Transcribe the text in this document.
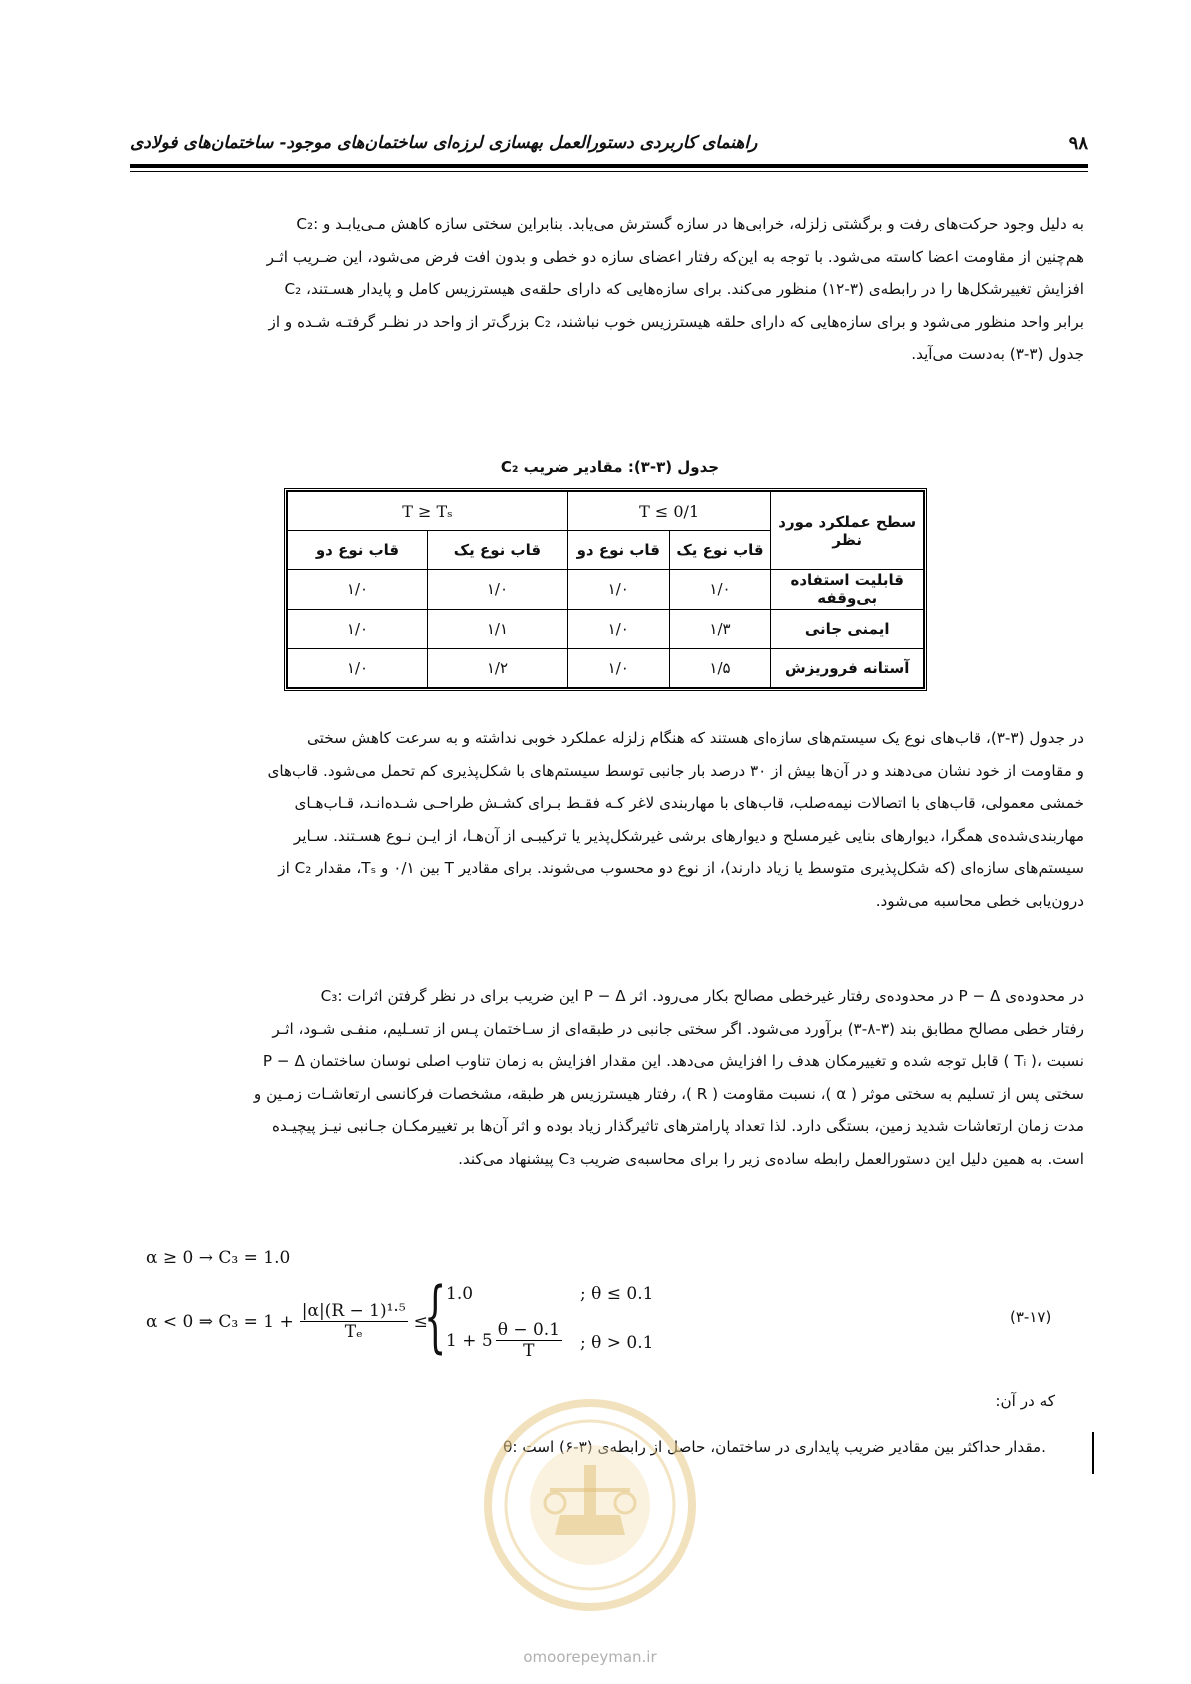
۹۸
راهنمای کاربردی دستورالعمل بهسازی لرزه‌ای ساختمان‌های موجود- ساختمان‌های فولادی
C₂: به دلیل وجود حرکت‌های رفت و برگشتی زلزله، خرابی‌ها در سازه گسترش می‌یابد. بنابراین سختی سازه کاهش مـی‌یابـد و
هم‌چنین از مقاومت اعضا کاسته می‌شود. با توجه به این‌که رفتار اعضای سازه دو خطی و بدون افت فرض می‌شود، این ضـریب اثـر
افزایش تغییرشکل‌ها را در رابطه‌ی (۳-۱۲) منظور می‌کند. برای سازه‌هایی که دارای حلقه‌ی هیسترزیس کامل و پایدار هسـتند، C₂
برابر واحد منظور می‌شود و برای سازه‌هایی که دارای حلقه هیسترزیس خوب نباشند، C₂ بزرگ‌تر از واحد در نظـر گرفتـه شـده و از
جدول (۳-۳) به‌دست می‌آید.
جدول (۳-۳): مقادیر ضریب C₂
سطح عملکرد مورد نظر	T ≤ 0/1		T ≥ Tₛ	
	قاب نوع یک	قاب نوع دو	قاب نوع یک	قاب نوع دو
قابلیت استفاده بی‌وقفه	۱/۰	۱/۰	۱/۰	۱/۰
ایمنی جانی	۱/۳	۱/۰	۱/۱	۱/۰
آستانه فروریزش	۱/۵	۱/۰	۱/۲	۱/۰
در جدول (۳-۳)، قاب‌های نوع یک سیستم‌های سازه‌ای هستند که هنگام زلزله عملکرد خوبی نداشته و به سرعت کاهش سختی
و مقاومت از خود نشان می‌دهند و در آن‌ها بیش از ۳۰ درصد بار جانبی توسط سیستم‌های با شکل‌پذیری کم تحمل می‌شود. قاب‌های
خمشی معمولی، قاب‌های با اتصالات نیمه‌صلب، قاب‌های با مهاربندی لاغر کـه فقـط بـرای کشـش طراحـی شـده‌انـد، قـاب‌هـای
مهاربندی‌شده‌ی همگرا، دیوارهای بنایی غیرمسلح و دیوارهای برشی غیرشکل‌پذیر یا ترکیبـی از آن‌هـا، از ایـن نـوع هسـتند. سـایر
سیستم‌های سازه‌ای (که شکل‌پذیری متوسط یا زیاد دارند)، از نوع دو محسوب می‌شوند. برای مقادیر T بین ۰/۱ و Tₛ، مقدار C₂ از
درون‌یابی خطی محاسبه می‌شود.
C₃: این ضریب برای در نظر گرفتن اثرات P − Δ در محدوده‌ی رفتار غیرخطی مصالح بکار می‌رود. اثر P − Δ در محدوده‌ی
رفتار خطی مصالح مطابق بند (۳-۸-۳) برآورد می‌شود. اگر سختی جانبی در طبقه‌ای از سـاختمان پـس از تسـلیم، منفـی شـود، اثـر
P − Δ قابل توجه شده و تغییرمکان هدف را افزایش می‌دهد. این مقدار افزایش به زمان تناوب اصلی نوسان ساختمان ( Tᵢ )، نسبت
سختی پس از تسلیم به سختی موثر ( α )، نسبت مقاومت ( R )، رفتار هیسترزیس هر طبقه، مشخصات فرکانسی ارتعاشـات زمـین و
مدت زمان ارتعاشات شدید زمین، بستگی دارد. لذا تعداد پارامترهای تاثیرگذار زیاد بوده و اثر آن‌ها بر تغییرمکـان جـانبی نیـز پیچیـده
است. به همین دلیل این دستورالعمل رابطه ساده‌ی زیر را برای محاسبه‌ی ضریب C₃ پیشنهاد می‌کند.
α ≥ 0 → C₃ = 1.0
α < 0 ⇒ $C_3 = 1 + \frac{\text{|α|(R − 1)¹·⁵}}{\text{Tₑ}}$ ≤
{ 1.0	; θ ≤ 0.1
$1 + 5 \frac{\theta - 0.1}{T}$ ; θ > 0.1
(۳-۱۷)
که در آن:
θ: مقدار حداکثر بین مقادیر ضریب پایداری در ساختمان، حاصل از رابطه‌ی (۳-۶) است.
omoorepeyman.ir
